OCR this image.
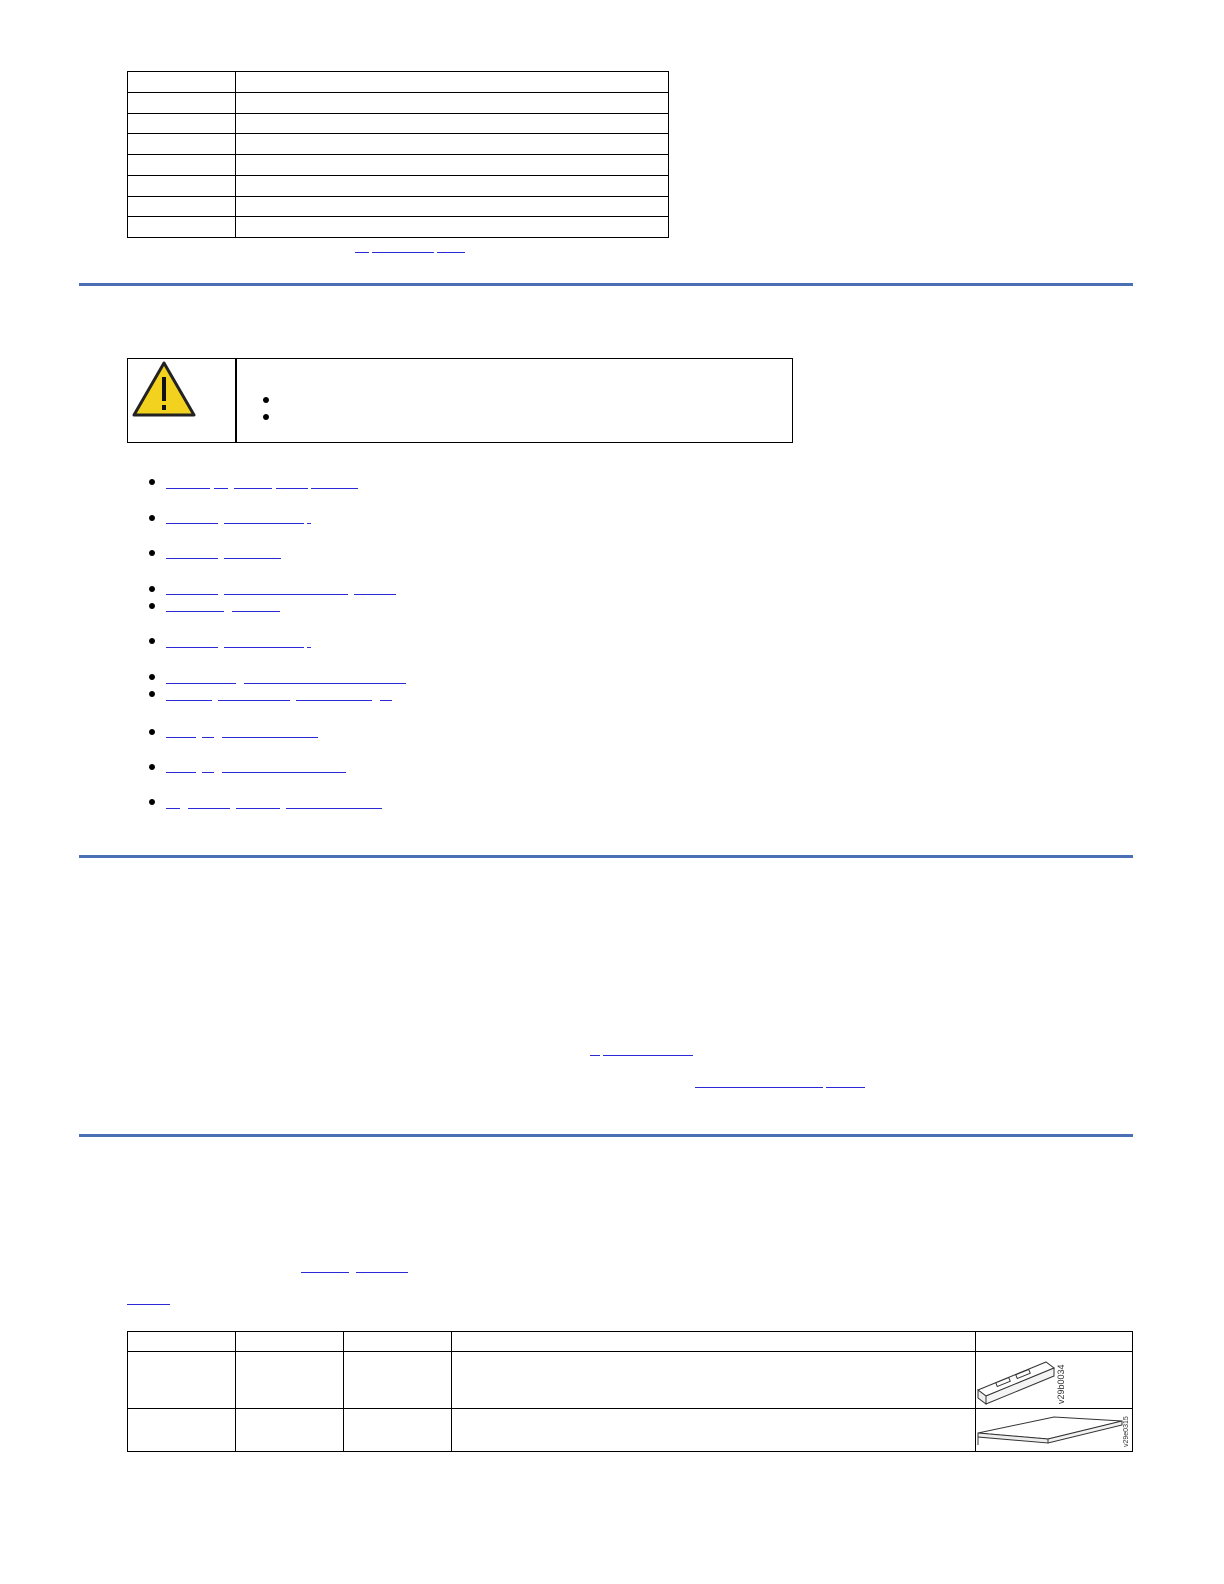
v29b0034
v29e0315
